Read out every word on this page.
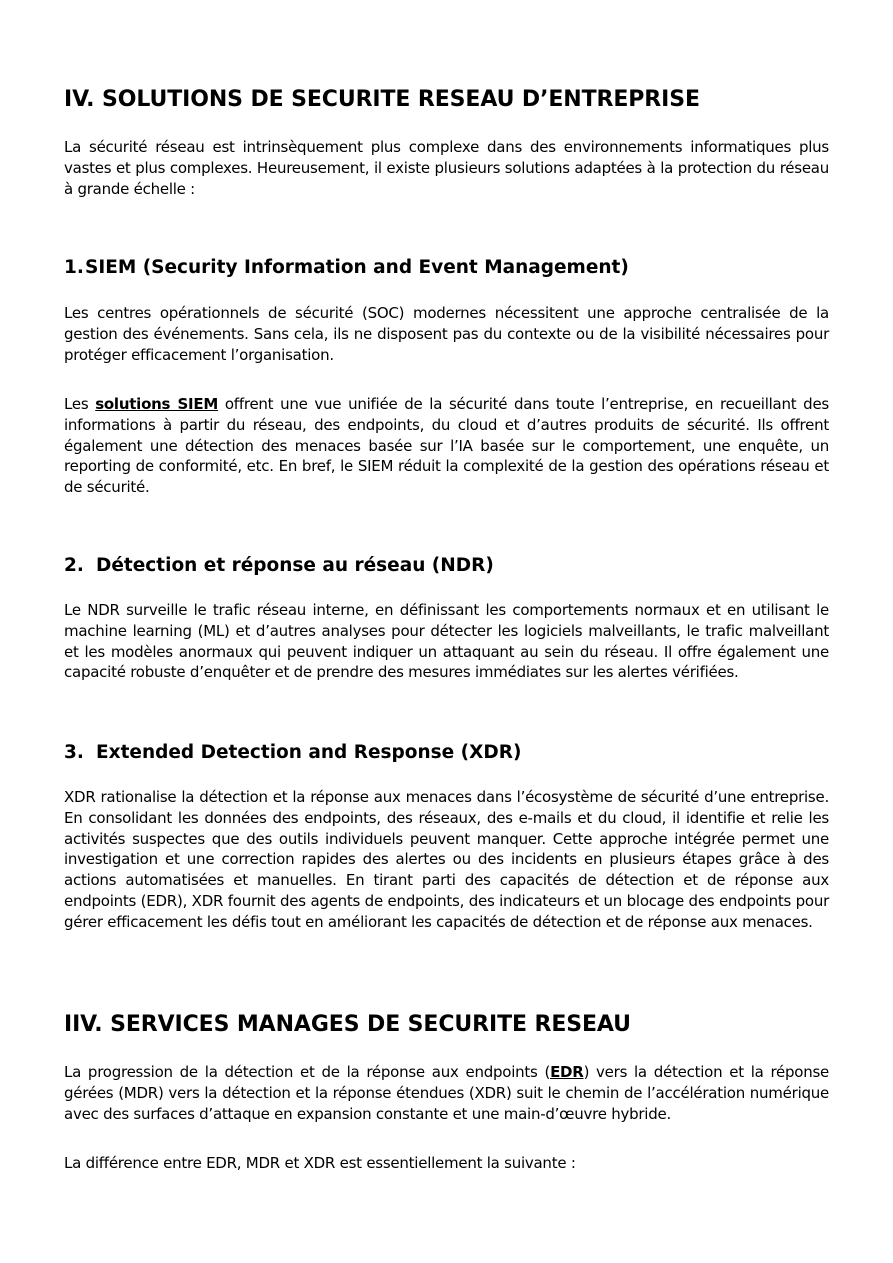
IV. SOLUTIONS DE SECURITE RESEAU D’ENTREPRISE
La sécurité réseau est intrinsèquement plus complexe dans des environnements informatiques plus vastes et plus complexes. Heureusement, il existe plusieurs solutions adaptées à la protection du réseau à grande échelle :
1.SIEM (Security Information and Event Management)
Les centres opérationnels de sécurité (SOC) modernes nécessitent une approche centralisée de la gestion des événements. Sans cela, ils ne disposent pas du contexte ou de la visibilité nécessaires pour protéger efficacement l’organisation.
Les solutions SIEM offrent une vue unifiée de la sécurité dans toute l’entreprise, en recueillant des informations à partir du réseau, des endpoints, du cloud et d’autres produits de sécurité. Ils offrent également une détection des menaces basée sur l’IA basée sur le comportement, une enquête, un reporting de conformité, etc. En bref, le SIEM réduit la complexité de la gestion des opérations réseau et de sécurité.
2. Détection et réponse au réseau (NDR)
Le NDR surveille le trafic réseau interne, en définissant les comportements normaux et en utilisant le machine learning (ML) et d’autres analyses pour détecter les logiciels malveillants, le trafic malveillant et les modèles anormaux qui peuvent indiquer un attaquant au sein du réseau. Il offre également une capacité robuste d’enquêter et de prendre des mesures immédiates sur les alertes vérifiées.
3. Extended Detection and Response (XDR)
XDR rationalise la détection et la réponse aux menaces dans l’écosystème de sécurité d’une entreprise. En consolidant les données des endpoints, des réseaux, des e-mails et du cloud, il identifie et relie les activités suspectes que des outils individuels peuvent manquer. Cette approche intégrée permet une investigation et une correction rapides des alertes ou des incidents en plusieurs étapes grâce à des actions automatisées et manuelles. En tirant parti des capacités de détection et de réponse aux endpoints (EDR), XDR fournit des agents de endpoints, des indicateurs et un blocage des endpoints pour gérer efficacement les défis tout en améliorant les capacités de détection et de réponse aux menaces.
IIV. SERVICES MANAGES DE SECURITE RESEAU
La progression de la détection et de la réponse aux endpoints (EDR) vers la détection et la réponse gérées (MDR) vers la détection et la réponse étendues (XDR) suit le chemin de l’accélération numérique avec des surfaces d’attaque en expansion constante et une main-d’œuvre hybride.
La différence entre EDR, MDR et XDR est essentiellement la suivante :
